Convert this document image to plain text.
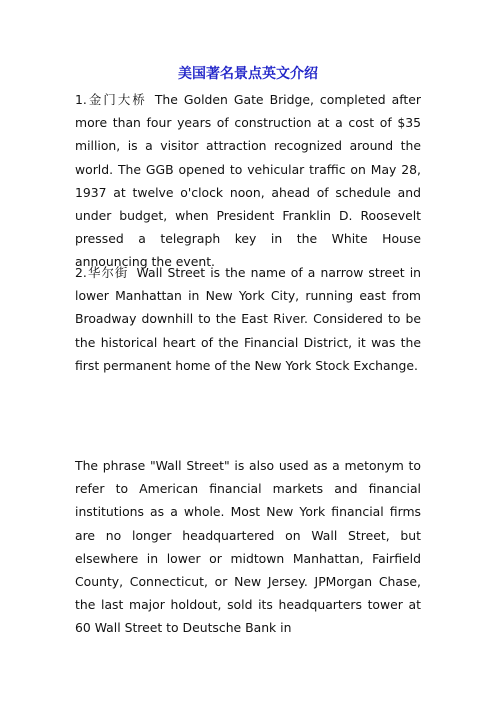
美国著名景点英文介绍

1.金门大桥 The Golden Gate Bridge, completed after more than four years of construction at a cost of $35 million, is a visitor attraction recognized around the world. The GGB opened to vehicular traffic on May 28, 1937 at twelve o'clock noon, ahead of schedule and under budget, when President Franklin D. Roosevelt pressed a telegraph key in the White House announcing the event.

2.华尔街 Wall Street is the name of a narrow street in lower Manhattan in New York City, running east from Broadway downhill to the East River. Considered to be the historical heart of the Financial District, it was the first permanent home of the New York Stock Exchange.

The phrase "Wall Street" is also used as a metonym to refer to American financial markets and financial institutions as a whole. Most New York financial firms are no longer headquartered on Wall Street, but elsewhere in lower or midtown Manhattan, Fairfield County, Connecticut, or New Jersey. JPMorgan Chase, the last major holdout, sold its headquarters tower at 60 Wall Street to Deutsche Bank in
